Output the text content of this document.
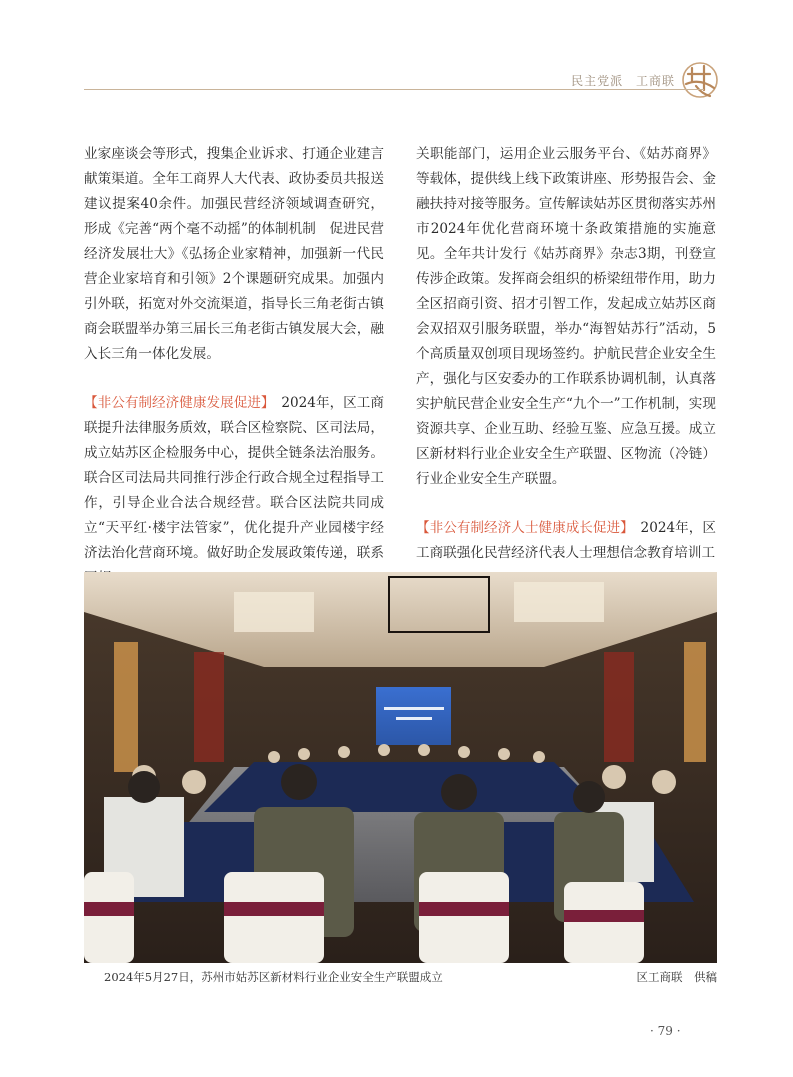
民主党派 工商联

业家座谈会等形式，搜集企业诉求、打通企业建言献策渠道。全年工商界人大代表、政协委员共报送建议提案40余件。加强民营经济领域调查研究，形成《完善“两个毫不动摇”的体制机制　促进民营经济发展壮大》《弘扬企业家精神，加强新一代民营企业家培育和引领》2个课题研究成果。加强内引外联，拓宽对外交流渠道，指导长三角老街古镇商会联盟举办第三届长三角老街古镇发展大会，融入长三角一体化发展。

【非公有制经济健康发展促进】　2024年，区工商联提升法律服务质效，联合区检察院、区司法局，成立姑苏区企检服务中心，提供全链条法治服务。联合区司法局共同推行涉企行政合规全过程指导工作，引导企业合法合规经营。联合区法院共同成立“天平红·楼宇法管家”，优化提升产业园楼宇经济法治化营商环境。做好助企发展政策传递，联系

关职能部门，运用企业云服务平台、《姑苏商界》等载体，提供线上线下政策讲座、形势报告会、金融扶持对接等服务。宣传解读姑苏区贯彻落实苏州市2024年优化营商环境十条政策措施的实施意见。全年共计发行《姑苏商界》杂志3期，刊登宣传涉企政策。发挥商会组织的桥梁纽带作用，助力全区招商引资、招才引智工作，发起成立姑苏区商会双招双引服务联盟，举办“海智姑苏行”活动，5个高质量双创项目现场签约。护航民营企业安全生产，强化与区安委办的工作联系协调机制，认真落实护航民营企业安全生产“九个一”工作机制，实现资源共享、企业互助、经验互鉴、应急互援。成立区新材料行业企业安全生产联盟、区物流（冷链）行业企业安全生产联盟。

【非公有制经济人士健康成长促进】　2024年，区工商联强化民营经济代表人士理想信念教育培训工

2024年5月27日，苏州市姑苏区新材料行业企业安全生产联盟成立	区工商联　供稿
· 79 ·
